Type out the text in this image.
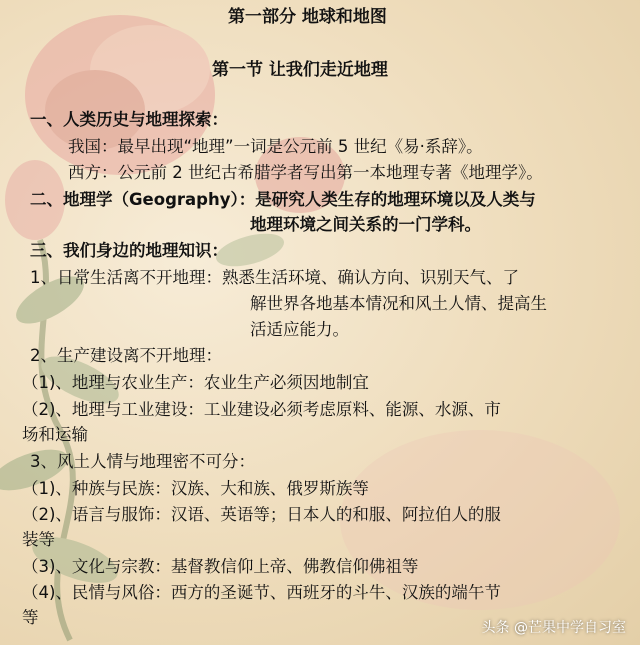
第一部分 地球和地图
第一节 让我们走近地理
一、人类历史与地理探索：
我国：最早出现“地理”一词是公元前 5 世纪《易·系辞》。
西方：公元前 2 世纪古希腊学者写出第一本地理专著《地理学》。
二、地理学（Geography）：是研究人类生存的地理环境以及人类与
地理环境之间关系的一门学科。
三、我们身边的地理知识：
1、日常生活离不开地理：熟悉生活环境、确认方向、识别天气、了
解世界各地基本情况和风土人情、提高生
活适应能力。
2、生产建设离不开地理：
（1)、地理与农业生产：农业生产必须因地制宜
（2)、地理与工业建设：工业建设必须考虑原料、能源、水源、市
场和运输
3、风土人情与地理密不可分：
（1)、种族与民族：汉族、大和族、俄罗斯族等
（2)、语言与服饰：汉语、英语等；日本人的和服、阿拉伯人的服
装等
（3)、文化与宗教：基督教信仰上帝、佛教信仰佛祖等
（4)、民情与风俗：西方的圣诞节、西班牙的斗牛、汉族的端午节
等
头条 @芒果中学自习室
